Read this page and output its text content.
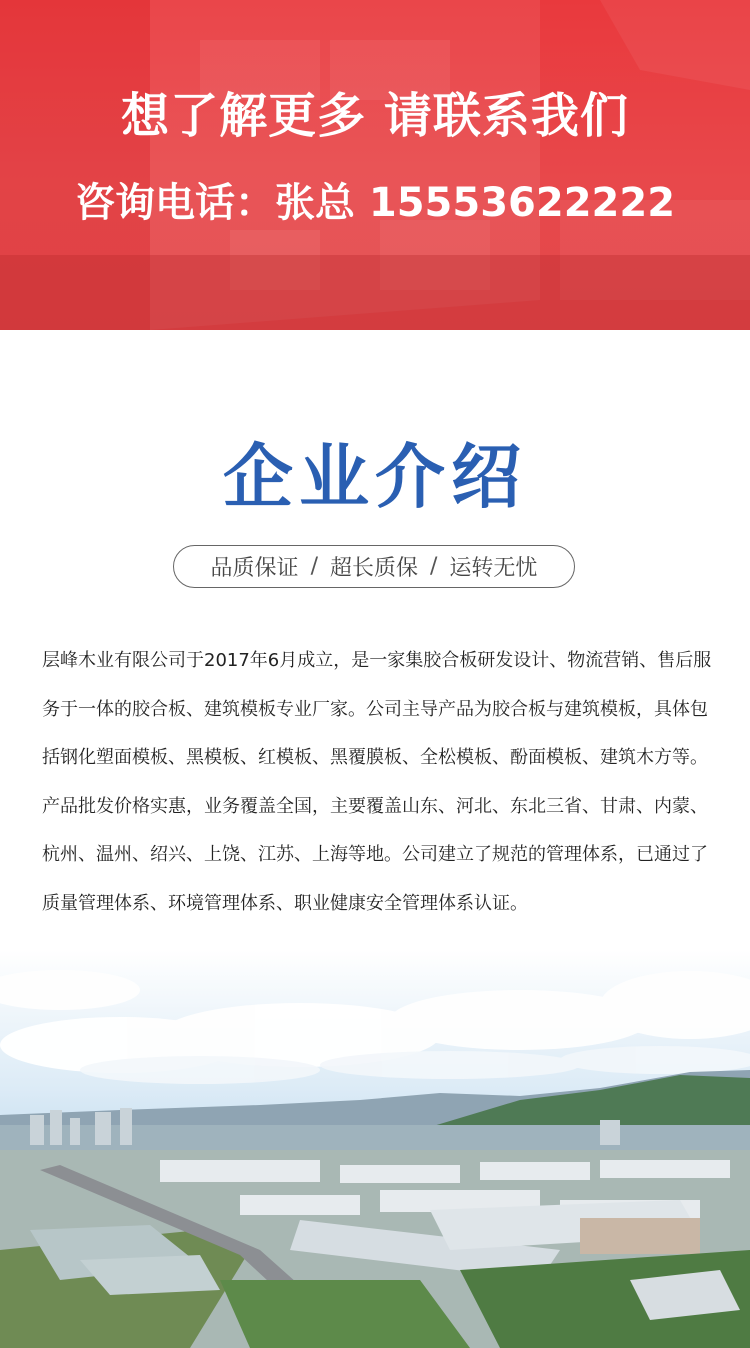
想了解更多 请联系我们
咨询电话：张总 15553622222
企业介绍
品质保证 / 超长质保 / 运转无忧

层峰木业有限公司于2017年6月成立，是一家集胶合板研发设计、物流营销、售后服务于一体的胶合板、建筑模板专业厂家。公司主导产品为胶合板与建筑模板，具体包括钢化塑面模板、黑模板、红模板、黑覆膜板、全松模板、酚面模板、建筑木方等。产品批发价格实惠，业务覆盖全国，主要覆盖山东、河北、东北三省、甘肃、内蒙、杭州、温州、绍兴、上饶、江苏、上海等地。公司建立了规范的管理体系，已通过了质量管理体系、环境管理体系、职业健康安全管理体系认证。
